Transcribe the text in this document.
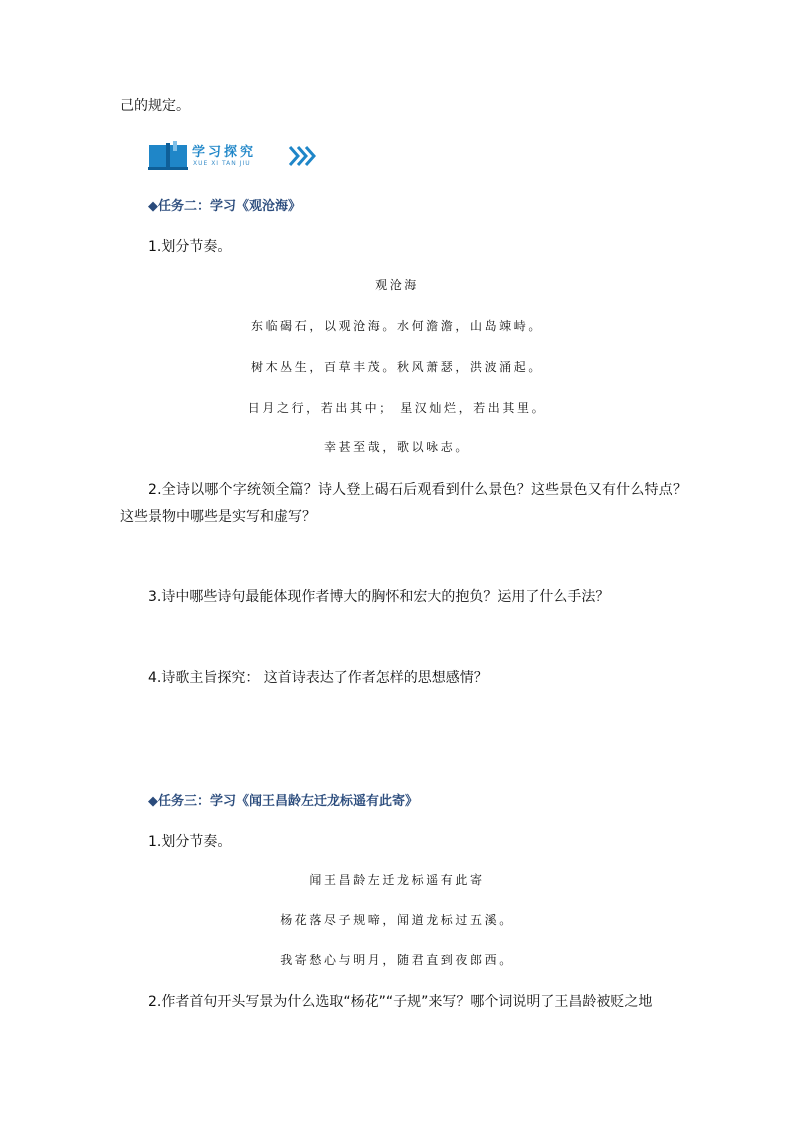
己的规定。
学习探究
XUE XI TAN JIU
◆任务二：学习《观沧海》
1.划分节奏。
观沧海
东临碣石，以观沧海。水何澹澹，山岛竦峙。
树木丛生，百草丰茂。秋风萧瑟，洪波涌起。
日月之行，若出其中； 星汉灿烂，若出其里。
幸甚至哉，歌以咏志。
2.全诗以哪个字统领全篇？诗人登上碣石后观看到什么景色？这些景色又有什么特点？
这些景物中哪些是实写和虚写？
3.诗中哪些诗句最能体现作者博大的胸怀和宏大的抱负？运用了什么手法？
4.诗歌主旨探究： 这首诗表达了作者怎样的思想感情？
◆任务三：学习《闻王昌龄左迁龙标遥有此寄》
1.划分节奏。
闻王昌龄左迁龙标遥有此寄
杨花落尽子规啼，闻道龙标过五溪。
我寄愁心与明月，随君直到夜郎西。
2.作者首句开头写景为什么选取“杨花”“子规”来写？哪个词说明了王昌龄被贬之地
